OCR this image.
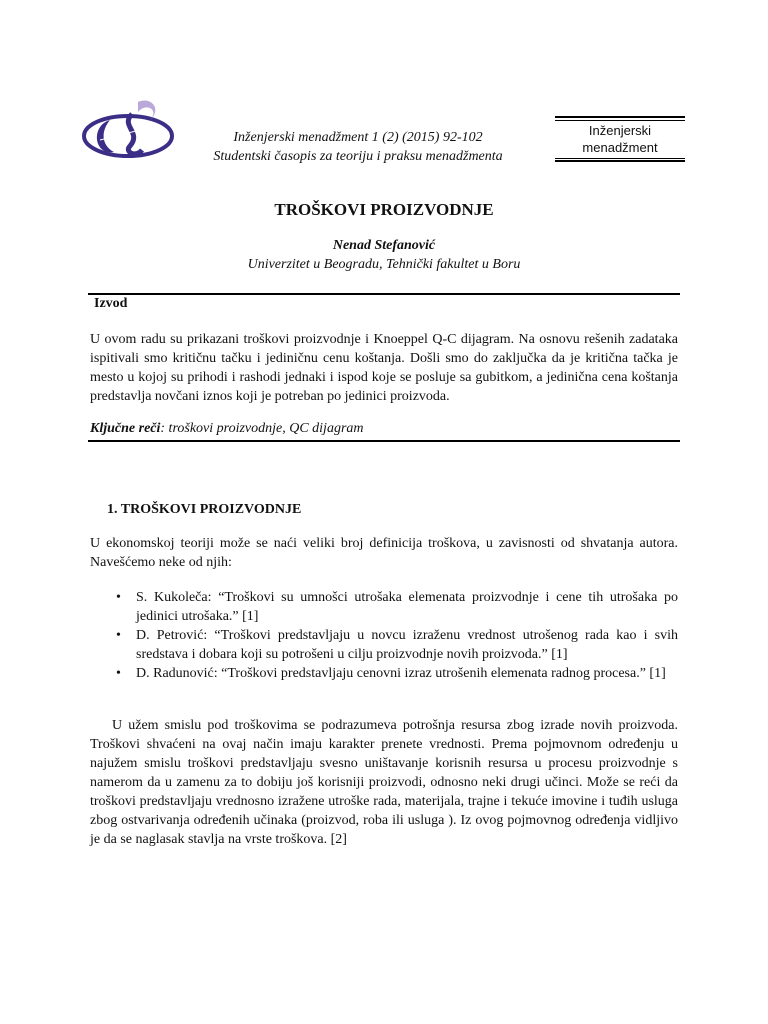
Inženjerski menadžment 1 (2) (2015) 92-102
Studentski časopis za teoriju i praksu menadžmenta
Inženjerski
menadžment
TROŠKOVI PROIZVODNJE
Nenad Stefanović
Univerzitet u Beogradu, Tehnički fakultet u Boru
Izvod
U ovom radu su prikazani troškovi proizvodnje i Knoeppel Q-C dijagram. Na osnovu rešenih zadataka ispitivali smo kritičnu tačku i jediničnu cenu koštanja. Došli smo do zaključka da je kritična tačka je mesto u kojoj su prihodi i rashodi jednaki i ispod koje se posluje sa gubitkom, a jedinična cena koštanja predstavlja novčani iznos koji je potreban po jedinici proizvoda.
Ključne reči: troškovi proizvodnje, QC dijagram
1. TROŠKOVI PROIZVODNJE
U ekonomskoj teoriji može se naći veliki broj definicija troškova, u zavisnosti od shvatanja autora. Navešćemo neke od njih:
• S. Kukoleča: “Troškovi su umnošci utrošaka elemenata proizvodnje i cene tih utrošaka po jedinici utrošaka.” [1]
• D. Petrović: “Troškovi predstavljaju u novcu izraženu vrednost utrošenog rada kao i svih sredstava i dobara koji su potrošeni u cilju proizvodnje novih proizvoda.” [1]
• D. Radunović: “Troškovi predstavljaju cenovni izraz utrošenih elemenata radnog procesa.” [1]
U užem smislu pod troškovima se podrazumeva potrošnja resursa zbog izrade novih proizvoda. Troškovi shvaćeni na ovaj način imaju karakter prenete vrednosti. Prema pojmovnom određenju u najužem smislu troškovi predstavljaju svesno uništavanje korisnih resursa u procesu proizvodnje s namerom da u zamenu za to dobiju još korisniji proizvodi, odnosno neki drugi učinci. Može se reći da troškovi predstavljaju vrednosno izražene utroške rada, materijala, trajne i tekuće imovine i tuđih usluga zbog ostvarivanja određenih učinaka (proizvod, roba ili usluga ). Iz ovog pojmovnog određenja vidljivo je da se naglasak stavlja na vrste troškova. [2]
